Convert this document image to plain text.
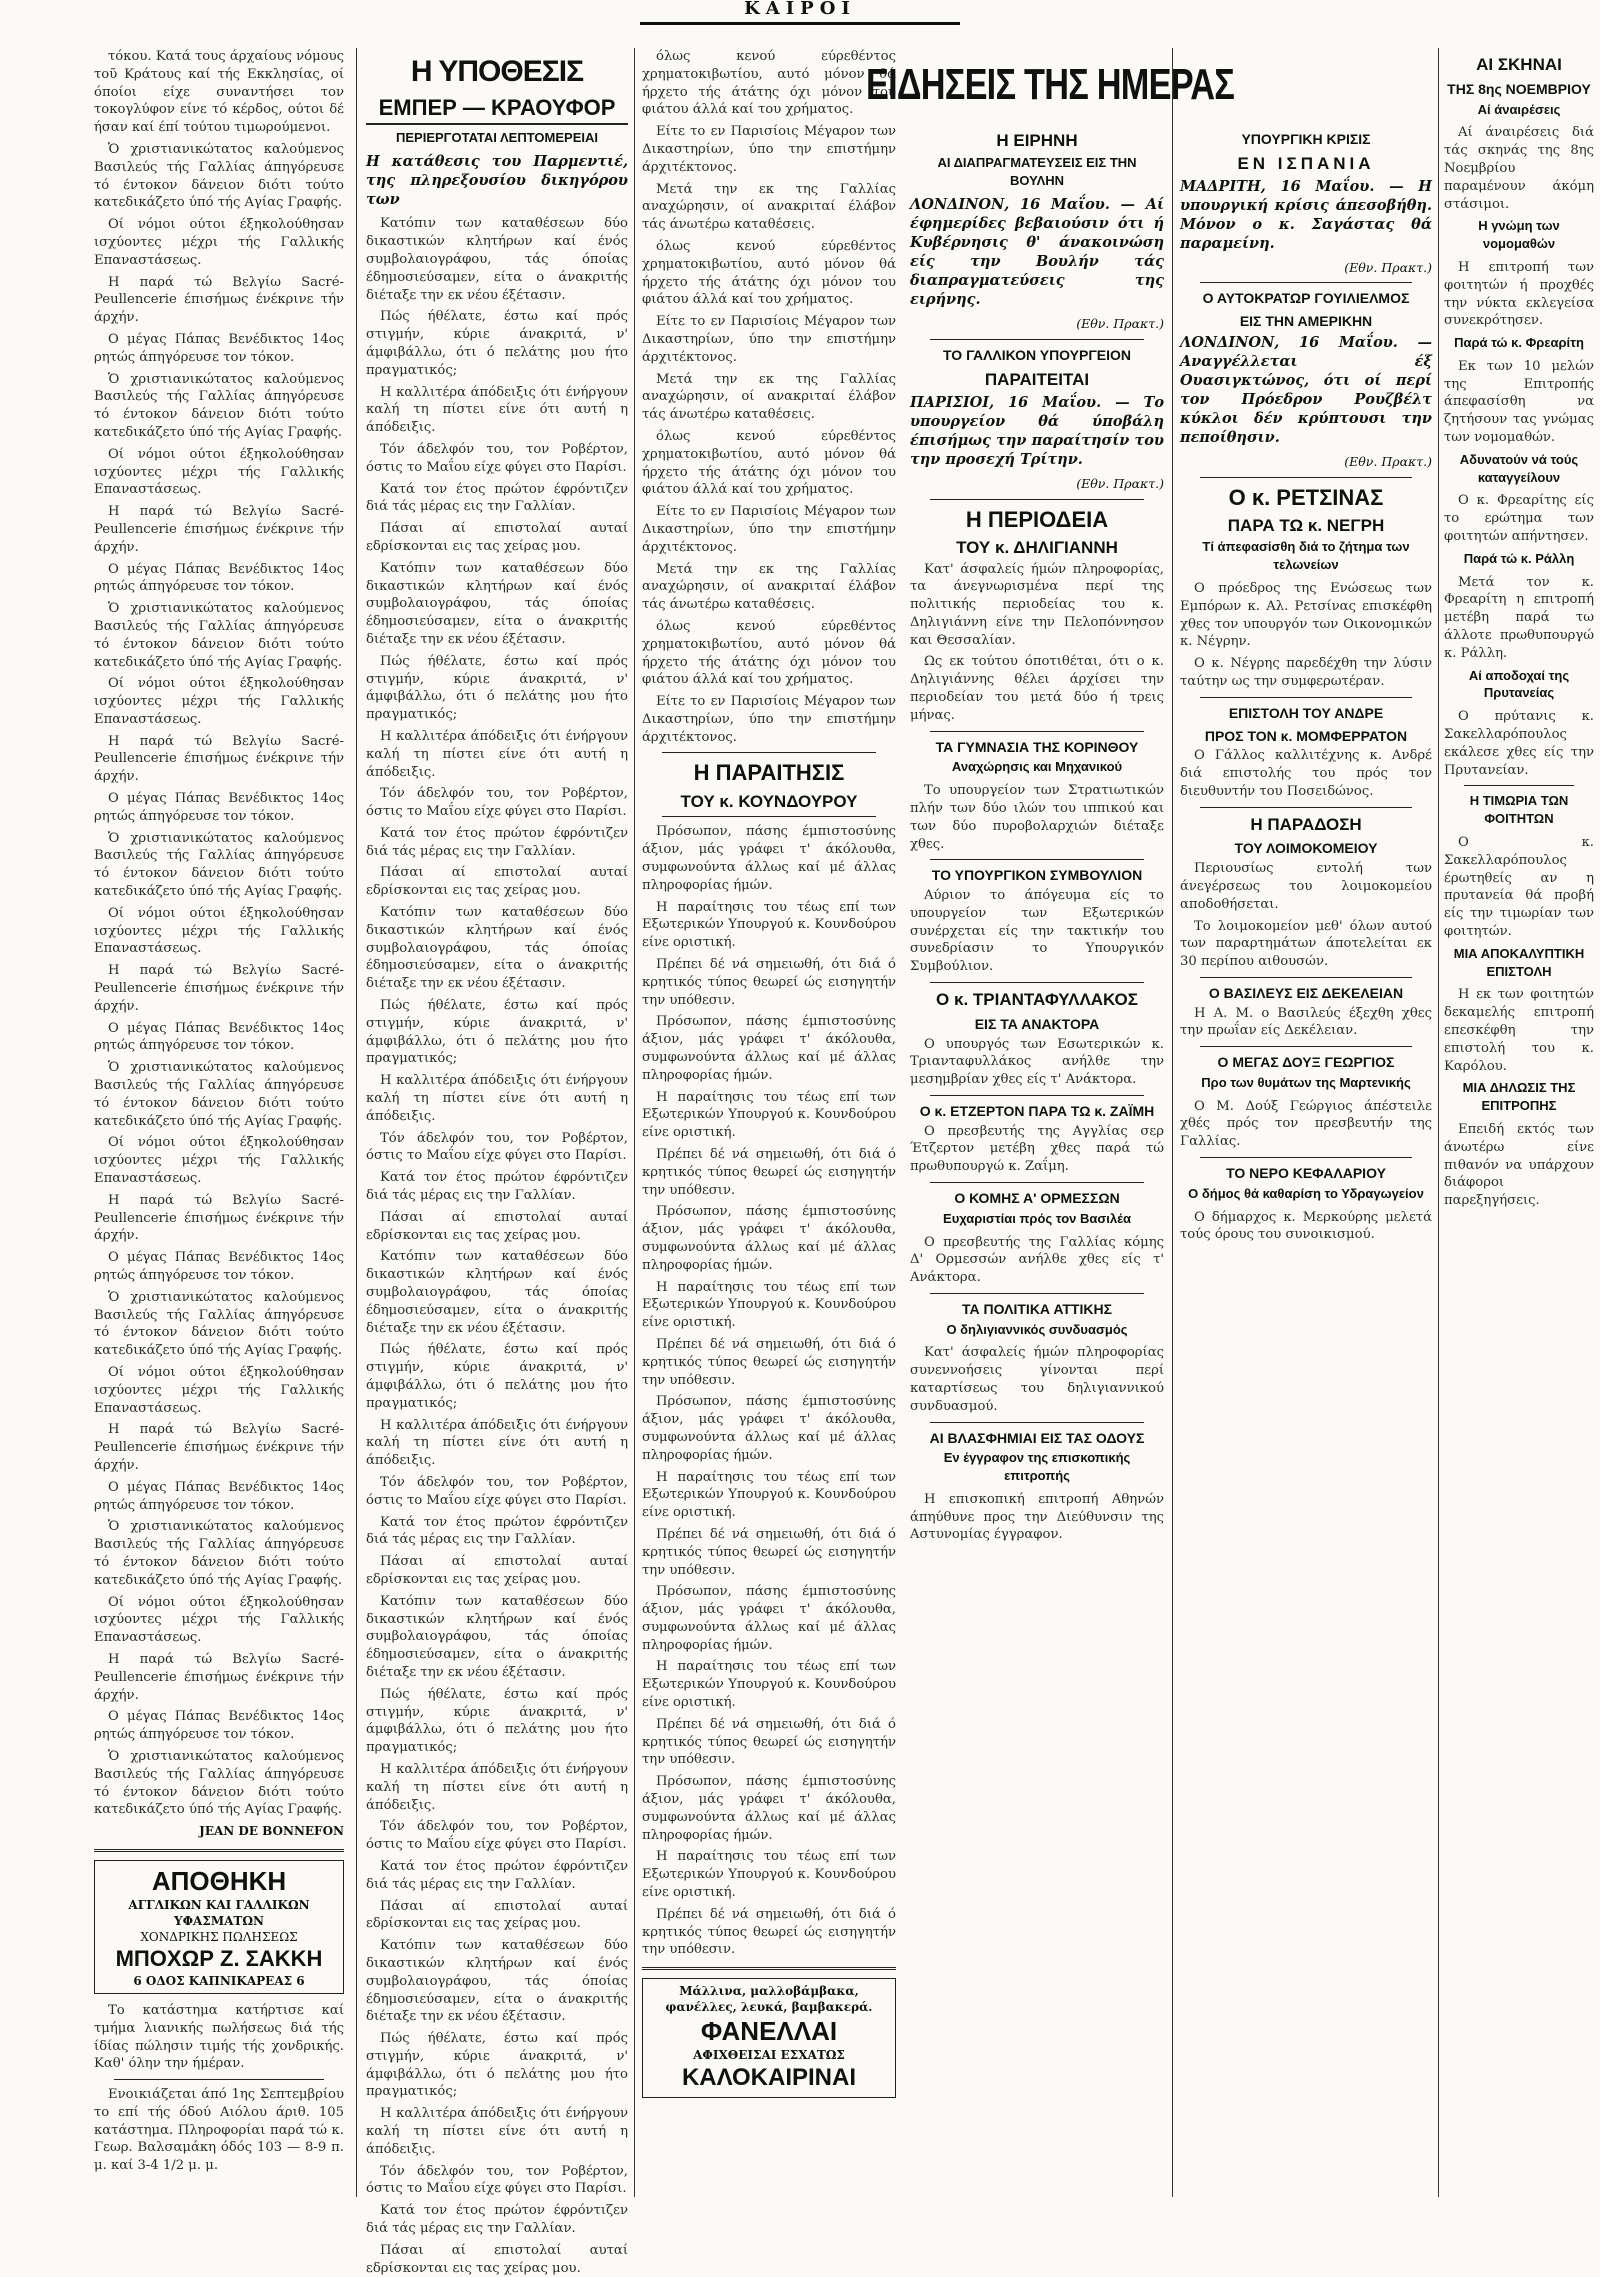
ΚΑΙΡΟΙ

τόκου. Κατά τους άρχαίους νόμους τοῦ Κράτους καί τής Εκκλησίας, οί όποίοι είχε συναντήσει τον τοκογλύφον είνε τό κέρδος, ούτοι δέ ήσαν καί έπί τούτου τιμωρούμενοι.

Ὁ χριστιανικώτατος καλούμενος Βασιλεύς τής Γαλλίας άπηγόρευσε τό έντοκον δάνειον διότι τούτο κατεδικάζετο ύπό τής Αγίας Γραφής.

Οί νόμοι ούτοι έξηκολούθησαν ισχύοντες μέχρι τής Γαλλικής Επαναστάσεως.

Η παρά τώ Βελγίω Sacré-Peullencerie έπισήμως ένέκρινε τήν άρχήν.

Ο μέγας Πάπας Βενέδικτος 14ος ρητώς άπηγόρευσε τον τόκον.

Ὁ χριστιανικώτατος καλούμενος Βασιλεύς τής Γαλλίας άπηγόρευσε τό έντοκον δάνειον διότι τούτο κατεδικάζετο ύπό τής Αγίας Γραφής.

Οί νόμοι ούτοι έξηκολούθησαν ισχύοντες μέχρι τής Γαλλικής Επαναστάσεως.

Η παρά τώ Βελγίω Sacré-Peullencerie έπισήμως ένέκρινε τήν άρχήν.

Ο μέγας Πάπας Βενέδικτος 14ος ρητώς άπηγόρευσε τον τόκον.

Ὁ χριστιανικώτατος καλούμενος Βασιλεύς τής Γαλλίας άπηγόρευσε τό έντοκον δάνειον διότι τούτο κατεδικάζετο ύπό τής Αγίας Γραφής.

Οί νόμοι ούτοι έξηκολούθησαν ισχύοντες μέχρι τής Γαλλικής Επαναστάσεως.

Η παρά τώ Βελγίω Sacré-Peullencerie έπισήμως ένέκρινε τήν άρχήν.

Ο μέγας Πάπας Βενέδικτος 14ος ρητώς άπηγόρευσε τον τόκον.

Ὁ χριστιανικώτατος καλούμενος Βασιλεύς τής Γαλλίας άπηγόρευσε τό έντοκον δάνειον διότι τούτο κατεδικάζετο ύπό τής Αγίας Γραφής.

Οί νόμοι ούτοι έξηκολούθησαν ισχύοντες μέχρι τής Γαλλικής Επαναστάσεως.

Η παρά τώ Βελγίω Sacré-Peullencerie έπισήμως ένέκρινε τήν άρχήν.

Ο μέγας Πάπας Βενέδικτος 14ος ρητώς άπηγόρευσε τον τόκον.

Ὁ χριστιανικώτατος καλούμενος Βασιλεύς τής Γαλλίας άπηγόρευσε τό έντοκον δάνειον διότι τούτο κατεδικάζετο ύπό τής Αγίας Γραφής.

Οί νόμοι ούτοι έξηκολούθησαν ισχύοντες μέχρι τής Γαλλικής Επαναστάσεως.

Η παρά τώ Βελγίω Sacré-Peullencerie έπισήμως ένέκρινε τήν άρχήν.

Ο μέγας Πάπας Βενέδικτος 14ος ρητώς άπηγόρευσε τον τόκον.

Ὁ χριστιανικώτατος καλούμενος Βασιλεύς τής Γαλλίας άπηγόρευσε τό έντοκον δάνειον διότι τούτο κατεδικάζετο ύπό τής Αγίας Γραφής.

Οί νόμοι ούτοι έξηκολούθησαν ισχύοντες μέχρι τής Γαλλικής Επαναστάσεως.

Η παρά τώ Βελγίω Sacré-Peullencerie έπισήμως ένέκρινε τήν άρχήν.

Ο μέγας Πάπας Βενέδικτος 14ος ρητώς άπηγόρευσε τον τόκον.

Ὁ χριστιανικώτατος καλούμενος Βασιλεύς τής Γαλλίας άπηγόρευσε τό έντοκον δάνειον διότι τούτο κατεδικάζετο ύπό τής Αγίας Γραφής.

Οί νόμοι ούτοι έξηκολούθησαν ισχύοντες μέχρι τής Γαλλικής Επαναστάσεως.

Η παρά τώ Βελγίω Sacré-Peullencerie έπισήμως ένέκρινε τήν άρχήν.

Ο μέγας Πάπας Βενέδικτος 14ος ρητώς άπηγόρευσε τον τόκον.

Ὁ χριστιανικώτατος καλούμενος Βασιλεύς τής Γαλλίας άπηγόρευσε τό έντοκον δάνειον διότι τούτο κατεδικάζετο ύπό τής Αγίας Γραφής.

JEAN DE BONNEFON
ΑΠΟΘΗΚΗ
ΑΓΓΛΙΚΩΝ ΚΑΙ ΓΑΛΛΙΚΩΝ ΥΦΑΣΜΑΤΩΝ
ΧΟΝΔΡΙΚΗΣ ΠΩΛΗΣΕΩΣ
ΜΠΟΧΩΡ Ζ. ΣΑΚΚΗ
6 ΟΔΟΣ ΚΑΠΝΙΚΑΡΕΑΣ 6

Το κατάστημα κατήρτισε καί τμήμα λιανικής πωλήσεως διά τής ίδίας πώλησιν τιμής τής χονδρικής. Καθ' όλην την ήμέραν.

Ενοικιάζεται άπό 1ης Σεπτεμβρίου το επί τής όδού Αιόλου άριθ. 105 κατάστημα. Πληροφορίαι παρά τώ κ. Γεωρ. Βαλσαμάκη όδός 103 — 8-9 π. μ. καί 3-4 1/2 μ. μ.

Η ΥΠΟΘΕΣΙΣ
ΕΜΠΕΡ — ΚΡΑΟΥΦΟΡ
ΠΕΡΙΕΡΓΟΤΑΤΑΙ ΛΕΠΤΟΜΕΡΕΙΑΙ
Η κατάθεσις του Παρμεντιέ, της πληρεξουσίου δικηγόρου των

Κατόπιν των καταθέσεων δύο δικαστικών κλητήρων καί ένός συμβολαιογράφου, τάς όποίας έδημοσιεύσαμεν, είτα ο άνακριτής διέταξε την εκ νέου έξέτασιν.

Πώς ήθέλατε, έστω καί πρός στιγμήν, κύριε άνακριτά, ν' άμφιβάλλω, ότι ό πελάτης μου ήτο πραγματικός;

Η καλλιτέρα άπόδειξις ότι ένήργουν καλή τη πίστει είνε ότι αυτή η άπόδειξις.

Τόν άδελφόν του, τον Ροβέρτον, όστις το Μαΐου είχε φύγει στο Παρίσι.

Κατά τον έτος πρώτον έφρόντιζεν διά τάς μέρας εις την Γαλλίαν.

Πάσαι αί επιστολαί αυταί εδρίσκονται εις τας χείρας μου.

Κατόπιν των καταθέσεων δύο δικαστικών κλητήρων καί ένός συμβολαιογράφου, τάς όποίας έδημοσιεύσαμεν, είτα ο άνακριτής διέταξε την εκ νέου έξέτασιν.

Πώς ήθέλατε, έστω καί πρός στιγμήν, κύριε άνακριτά, ν' άμφιβάλλω, ότι ό πελάτης μου ήτο πραγματικός;

Η καλλιτέρα άπόδειξις ότι ένήργουν καλή τη πίστει είνε ότι αυτή η άπόδειξις.

Τόν άδελφόν του, τον Ροβέρτον, όστις το Μαΐου είχε φύγει στο Παρίσι.

Κατά τον έτος πρώτον έφρόντιζεν διά τάς μέρας εις την Γαλλίαν.

Πάσαι αί επιστολαί αυταί εδρίσκονται εις τας χείρας μου.

Κατόπιν των καταθέσεων δύο δικαστικών κλητήρων καί ένός συμβολαιογράφου, τάς όποίας έδημοσιεύσαμεν, είτα ο άνακριτής διέταξε την εκ νέου έξέτασιν.

Πώς ήθέλατε, έστω καί πρός στιγμήν, κύριε άνακριτά, ν' άμφιβάλλω, ότι ό πελάτης μου ήτο πραγματικός;

Η καλλιτέρα άπόδειξις ότι ένήργουν καλή τη πίστει είνε ότι αυτή η άπόδειξις.

Τόν άδελφόν του, τον Ροβέρτον, όστις το Μαΐου είχε φύγει στο Παρίσι.

Κατά τον έτος πρώτον έφρόντιζεν διά τάς μέρας εις την Γαλλίαν.

Πάσαι αί επιστολαί αυταί εδρίσκονται εις τας χείρας μου.

Κατόπιν των καταθέσεων δύο δικαστικών κλητήρων καί ένός συμβολαιογράφου, τάς όποίας έδημοσιεύσαμεν, είτα ο άνακριτής διέταξε την εκ νέου έξέτασιν.

Πώς ήθέλατε, έστω καί πρός στιγμήν, κύριε άνακριτά, ν' άμφιβάλλω, ότι ό πελάτης μου ήτο πραγματικός;

Η καλλιτέρα άπόδειξις ότι ένήργουν καλή τη πίστει είνε ότι αυτή η άπόδειξις.

Τόν άδελφόν του, τον Ροβέρτον, όστις το Μαΐου είχε φύγει στο Παρίσι.

Κατά τον έτος πρώτον έφρόντιζεν διά τάς μέρας εις την Γαλλίαν.

Πάσαι αί επιστολαί αυταί εδρίσκονται εις τας χείρας μου.

Κατόπιν των καταθέσεων δύο δικαστικών κλητήρων καί ένός συμβολαιογράφου, τάς όποίας έδημοσιεύσαμεν, είτα ο άνακριτής διέταξε την εκ νέου έξέτασιν.

Πώς ήθέλατε, έστω καί πρός στιγμήν, κύριε άνακριτά, ν' άμφιβάλλω, ότι ό πελάτης μου ήτο πραγματικός;

Η καλλιτέρα άπόδειξις ότι ένήργουν καλή τη πίστει είνε ότι αυτή η άπόδειξις.

Τόν άδελφόν του, τον Ροβέρτον, όστις το Μαΐου είχε φύγει στο Παρίσι.

Κατά τον έτος πρώτον έφρόντιζεν διά τάς μέρας εις την Γαλλίαν.

Πάσαι αί επιστολαί αυταί εδρίσκονται εις τας χείρας μου.

Κατόπιν των καταθέσεων δύο δικαστικών κλητήρων καί ένός συμβολαιογράφου, τάς όποίας έδημοσιεύσαμεν, είτα ο άνακριτής διέταξε την εκ νέου έξέτασιν.

Πώς ήθέλατε, έστω καί πρός στιγμήν, κύριε άνακριτά, ν' άμφιβάλλω, ότι ό πελάτης μου ήτο πραγματικός;

Η καλλιτέρα άπόδειξις ότι ένήργουν καλή τη πίστει είνε ότι αυτή η άπόδειξις.

Τόν άδελφόν του, τον Ροβέρτον, όστις το Μαΐου είχε φύγει στο Παρίσι.

Κατά τον έτος πρώτον έφρόντιζεν διά τάς μέρας εις την Γαλλίαν.

Πάσαι αί επιστολαί αυταί εδρίσκονται εις τας χείρας μου.

όλως κενού εύρεθέντος χρηματοκιβωτίου, αυτό μόνον θά ήρχετο τής άτάτης όχι μόνον του φιάτου άλλά καί του χρήματος.

Είτε το εν Παρισίοις Μέγαρον των Δικαστηρίων, ύπο την επιστήμην άρχιτέκτονος.

Μετά την εκ της Γαλλίας αναχώρησιν, οί ανακριταί έλάβον τάς άνωτέρω καταθέσεις.

όλως κενού εύρεθέντος χρηματοκιβωτίου, αυτό μόνον θά ήρχετο τής άτάτης όχι μόνον του φιάτου άλλά καί του χρήματος.

Είτε το εν Παρισίοις Μέγαρον των Δικαστηρίων, ύπο την επιστήμην άρχιτέκτονος.

Μετά την εκ της Γαλλίας αναχώρησιν, οί ανακριταί έλάβον τάς άνωτέρω καταθέσεις.

όλως κενού εύρεθέντος χρηματοκιβωτίου, αυτό μόνον θά ήρχετο τής άτάτης όχι μόνον του φιάτου άλλά καί του χρήματος.

Είτε το εν Παρισίοις Μέγαρον των Δικαστηρίων, ύπο την επιστήμην άρχιτέκτονος.

Μετά την εκ της Γαλλίας αναχώρησιν, οί ανακριταί έλάβον τάς άνωτέρω καταθέσεις.

όλως κενού εύρεθέντος χρηματοκιβωτίου, αυτό μόνον θά ήρχετο τής άτάτης όχι μόνον του φιάτου άλλά καί του χρήματος.

Είτε το εν Παρισίοις Μέγαρον των Δικαστηρίων, ύπο την επιστήμην άρχιτέκτονος.

Η ΠΑΡΑΙΤΗΣΙΣ
ΤΟΥ κ. ΚΟΥΝΔΟΥΡΟΥ

Πρόσωπον, πάσης έμπιστοσύνης άξιον, μάς γράφει τ' άκόλουθα, συμφωνούντα άλλως καί μέ άλλας πληροφορίας ήμών.

Η παραίτησις του τέως επί των Εξωτερικών Υπουργού κ. Κουνδούρου είνε οριστική.

Πρέπει δέ νά σημειωθή, ότι διά ό κρητικός τύπος θεωρεί ώς εισηγητήν την υπόθεσιν.

Πρόσωπον, πάσης έμπιστοσύνης άξιον, μάς γράφει τ' άκόλουθα, συμφωνούντα άλλως καί μέ άλλας πληροφορίας ήμών.

Η παραίτησις του τέως επί των Εξωτερικών Υπουργού κ. Κουνδούρου είνε οριστική.

Πρέπει δέ νά σημειωθή, ότι διά ό κρητικός τύπος θεωρεί ώς εισηγητήν την υπόθεσιν.

Πρόσωπον, πάσης έμπιστοσύνης άξιον, μάς γράφει τ' άκόλουθα, συμφωνούντα άλλως καί μέ άλλας πληροφορίας ήμών.

Η παραίτησις του τέως επί των Εξωτερικών Υπουργού κ. Κουνδούρου είνε οριστική.

Πρέπει δέ νά σημειωθή, ότι διά ό κρητικός τύπος θεωρεί ώς εισηγητήν την υπόθεσιν.

Πρόσωπον, πάσης έμπιστοσύνης άξιον, μάς γράφει τ' άκόλουθα, συμφωνούντα άλλως καί μέ άλλας πληροφορίας ήμών.

Η παραίτησις του τέως επί των Εξωτερικών Υπουργού κ. Κουνδούρου είνε οριστική.

Πρέπει δέ νά σημειωθή, ότι διά ό κρητικός τύπος θεωρεί ώς εισηγητήν την υπόθεσιν.

Πρόσωπον, πάσης έμπιστοσύνης άξιον, μάς γράφει τ' άκόλουθα, συμφωνούντα άλλως καί μέ άλλας πληροφορίας ήμών.

Η παραίτησις του τέως επί των Εξωτερικών Υπουργού κ. Κουνδούρου είνε οριστική.

Πρέπει δέ νά σημειωθή, ότι διά ό κρητικός τύπος θεωρεί ώς εισηγητήν την υπόθεσιν.

Πρόσωπον, πάσης έμπιστοσύνης άξιον, μάς γράφει τ' άκόλουθα, συμφωνούντα άλλως καί μέ άλλας πληροφορίας ήμών.

Η παραίτησις του τέως επί των Εξωτερικών Υπουργού κ. Κουνδούρου είνε οριστική.

Πρέπει δέ νά σημειωθή, ότι διά ό κρητικός τύπος θεωρεί ώς εισηγητήν την υπόθεσιν.

Μάλλινα, μαλλοβάμβακα, φανέλλες, λευκά, βαμβακερά.
ΦΑΝΕΛΛΑΙ
ΑΦΙΧΘΕΙΣΑΙ ΕΣΧΑΤΩΣ
ΚΑΛΟΚΑΙΡΙΝΑΙ
ΕΙΔΗΣΕΙΣ ΤΗΣ ΗΜΕΡΑΣ
Η ΕΙΡΗΝΗ
ΑΙ ΔΙΑΠΡΑΓΜΑΤΕΥΣΕΙΣ ΕΙΣ ΤΗΝ ΒΟΥΛΗΝ
ΛΟΝΔΙΝΟΝ, 16 Μαΐου. — Αί έφημερίδες βεβαιούσιν ότι ή Κυβέρνησις θ' άνακοινώση είς την Βουλήν τάς διαπραγματεύσεις της ειρήνης.
(Εθν. Πρακτ.)
ΤΟ ΓΑΛΛΙΚΟΝ ΥΠΟΥΡΓΕΙΟΝ
ΠΑΡΑΙΤΕΙΤΑΙ
ΠΑΡΙΣΙΟΙ, 16 Μαΐου. — Το υπουργείον θά ύποβάλη έπισήμως την παραίτησίν του την προσεχή Τρίτην.
(Εθν. Πρακτ.)
Η ΠΕΡΙΟΔΕΙΑ
ΤΟΥ κ. ΔΗΛΙΓΙΑΝΝΗ

Κατ' άσφαλείς ήμών πληροφορίας, τα άνεγνωρισμένα περί της πολιτικής περιοδείας του κ. Δηλιγιάννη είνε την Πελοπόννησον και Θεσσαλίαν.

Ως εκ τούτου όποτιθέται, ότι ο κ. Δηλιγιάννης θέλει άρχίσει την περιοδείαν του μετά δύο ή τρεις μήνας.

ΤΑ ΓΥΜΝΑΣΙΑ ΤΗΣ ΚΟΡΙΝΘΟΥ
Αναχώρησις και Μηχανικού

Το υπουργείον των Στρατιωτικών πλήν των δύο ιλών του ιππικού και των δύο πυροβολαρχιών διέταξε χθες.

ΤΟ ΥΠΟΥΡΓΙΚΟΝ ΣΥΜΒΟΥΛΙΟΝ

Αύριον το άπόγευμα είς το υπουργείον των Εξωτερικών συνέρχεται είς την τακτικήν του συνεδρίασιν το Υπουργικόν Συμβούλιον.

Ο κ. ΤΡΙΑΝΤΑΦΥΛΛΑΚΟΣ
ΕΙΣ ΤΑ ΑΝΑΚΤΟΡΑ

Ο υπουργός των Εσωτερικών κ. Τριανταφυλλάκος ανήλθε την μεσημβρίαν χθες είς τ' Ανάκτορα.

Ο κ. ΕΤΖΕΡΤΟΝ ΠΑΡΑ ΤΩ κ. ΖΑΪΜΗ

Ο πρεσβευτής της Αγγλίας σερ Έτζερτον μετέβη χθες παρά τώ πρωθυπουργώ κ. Ζαΐμη.

Ο ΚΟΜΗΣ Α' ΟΡΜΕΣΣΩΝ
Ευχαριστίαι πρός τον Βασιλέα

Ο πρεσβευτής της Γαλλίας κόμης Δ' Ορμεσσών ανήλθε χθες είς τ' Ανάκτορα.

ΤΑ ΠΟΛΙΤΙΚΑ ΑΤΤΙΚΗΣ
Ο δηλιγιαννικός συνδυασμός

Κατ' άσφαλείς ήμών πληροφορίας συνεννοήσεις γίνονται περί καταρτίσεως του δηλιγιαννικού συνδυασμού.

ΑΙ ΒΛΑΣΦΗΜΙΑΙ ΕΙΣ ΤΑΣ ΟΔΟΥΣ
Εν έγγραφον της επισκοπικής επιτροπής

Η επισκοπική επιτροπή Αθηνών άπηύθυνε προς την Διεύθυνσιν της Αστυνομίας έγγραφον.

ΥΠΟΥΡΓΙΚΗ ΚΡΙΣΙΣ
ΕΝ ΙΣΠΑΝΙΑ
ΜΑΔΡΙΤΗ, 16 Μαΐου. — Η υπουργική κρίσις άπεσοβήθη. Μόνον ο κ. Σαγάστας θά παραμείνη.
(Εθν. Πρακτ.)
Ο ΑΥΤΟΚΡΑΤΩΡ ΓΟΥΙΛΙΕΛΜΟΣ
ΕΙΣ ΤΗΝ ΑΜΕΡΙΚΗΝ
ΛΟΝΔΙΝΟΝ, 16 Μαΐου. — Αναγγέλλεται έξ Ουασιγκτώνος, ότι οί περί τον Πρόεδρον Ρουζβέλτ κύκλοι δέν κρύπτουσι την πεποίθησιν.
(Εθν. Πρακτ.)
Ο κ. ΡΕΤΣΙΝΑΣ
ΠΑΡΑ ΤΩ κ. ΝΕΓΡΗ
Τί άπεφασίσθη διά το ζήτημα των τελωνείων

Ο πρόεδρος της Ενώσεως των Εμπόρων κ. Αλ. Ρετσίνας επισκέφθη χθες τον υπουργόν των Οικονομικών κ. Νέγρην.

Ο κ. Νέγρης παρεδέχθη την λύσιν ταύτην ως την συμφερωτέραν.

ΕΠΙΣΤΟΛΗ ΤΟΥ ΑΝΔΡΕ
ΠΡΟΣ ΤΟΝ κ. ΜΟΜΦΕΡΡΑΤΟΝ

Ο Γάλλος καλλιτέχνης κ. Ανδρέ διά επιστολής του πρός τον διευθυντήν του Ποσειδώνος.

Η ΠΑΡΑΔΟΣΗ
ΤΟΥ ΛΟΙΜΟΚΟΜΕΙΟΥ

Περιουσίως εντολή των άνεγέρσεως του λοιμοκομείου αποδοθήσεται.

Το λοιμοκομείον μεθ' όλων αυτού των παραρτημάτων άποτελείται εκ 30 περίπου αιθουσών.

Ο ΒΑΣΙΛΕΥΣ ΕΙΣ ΔΕΚΕΛΕΙΑΝ

Η Α. Μ. ο Βασιλεύς έξεχθη χθες την πρωΐαν είς Δεκέλειαν.

Ο ΜΕΓΑΣ ΔΟΥΞ ΓΕΩΡΓΙΟΣ
Προ των θυμάτων της Μαρτενικής

Ο Μ. Δούξ Γεώργιος άπέστειλε χθές πρός τον πρεσβευτήν της Γαλλίας.

ΤΟ ΝΕΡΟ ΚΕΦΑΛΑΡΙΟΥ
Ο δήμος θά καθαρίση το Υδραγωγείον

Ο δήμαρχος κ. Μερκούρης μελετά τούς όρους του συνοικισμού.

ΑΙ ΣΚΗΝΑΙ
ΤΗΣ 8ης ΝΟΕΜΒΡΙΟΥ
Αί άναιρέσεις

Αί άναιρέσεις διά τάς σκηνάς της 8ης Νοεμβρίου παραμένουν άκόμη στάσιμοι.

Η γνώμη των νομομαθών

Η επιτροπή των φοιτητών ή προχθές την νύκτα εκλεγείσα συνεκρότησεν.

Παρά τώ κ. Φρεαρίτη

Εκ των 10 μελών της Επιτροπής άπεφασίσθη να ζητήσουν τας γνώμας των νομομαθών.

Αδυνατούν νά τούς καταγγείλουν

Ο κ. Φρεαρίτης είς το ερώτημα των φοιτητών απήντησεν.

Παρά τώ κ. Ράλλη

Μετά τον κ. Φρεαρίτη η επιτροπή μετέβη παρά τω άλλοτε πρωθυπουργώ κ. Ράλλη.

Αί αποδοχαί της Πρυτανείας

Ο πρύτανις κ. Σακελλαρόπουλος εκάλεσε χθες είς την Πρυτανείαν.

Η ΤΙΜΩΡΙΑ ΤΩΝ ΦΟΙΤΗΤΩΝ

Ο κ. Σακελλαρόπουλος έρωτηθείς αν η πρυτανεία θά προβή είς την τιμωρίαν των φοιτητών.

ΜΙΑ ΑΠΟΚΑΛΥΠΤΙΚΗ ΕΠΙΣΤΟΛΗ

Η εκ των φοιτητών δεκαμελής επιτροπή επεσκέφθη την επιστολή του κ. Καρόλου.

ΜΙΑ ΔΗΛΩΣΙΣ ΤΗΣ ΕΠΙΤΡΟΠΗΣ

Επειδή εκτός των άνωτέρω είνε πιθανόν να υπάρχουν διάφοροι παρεξηγήσεις.
